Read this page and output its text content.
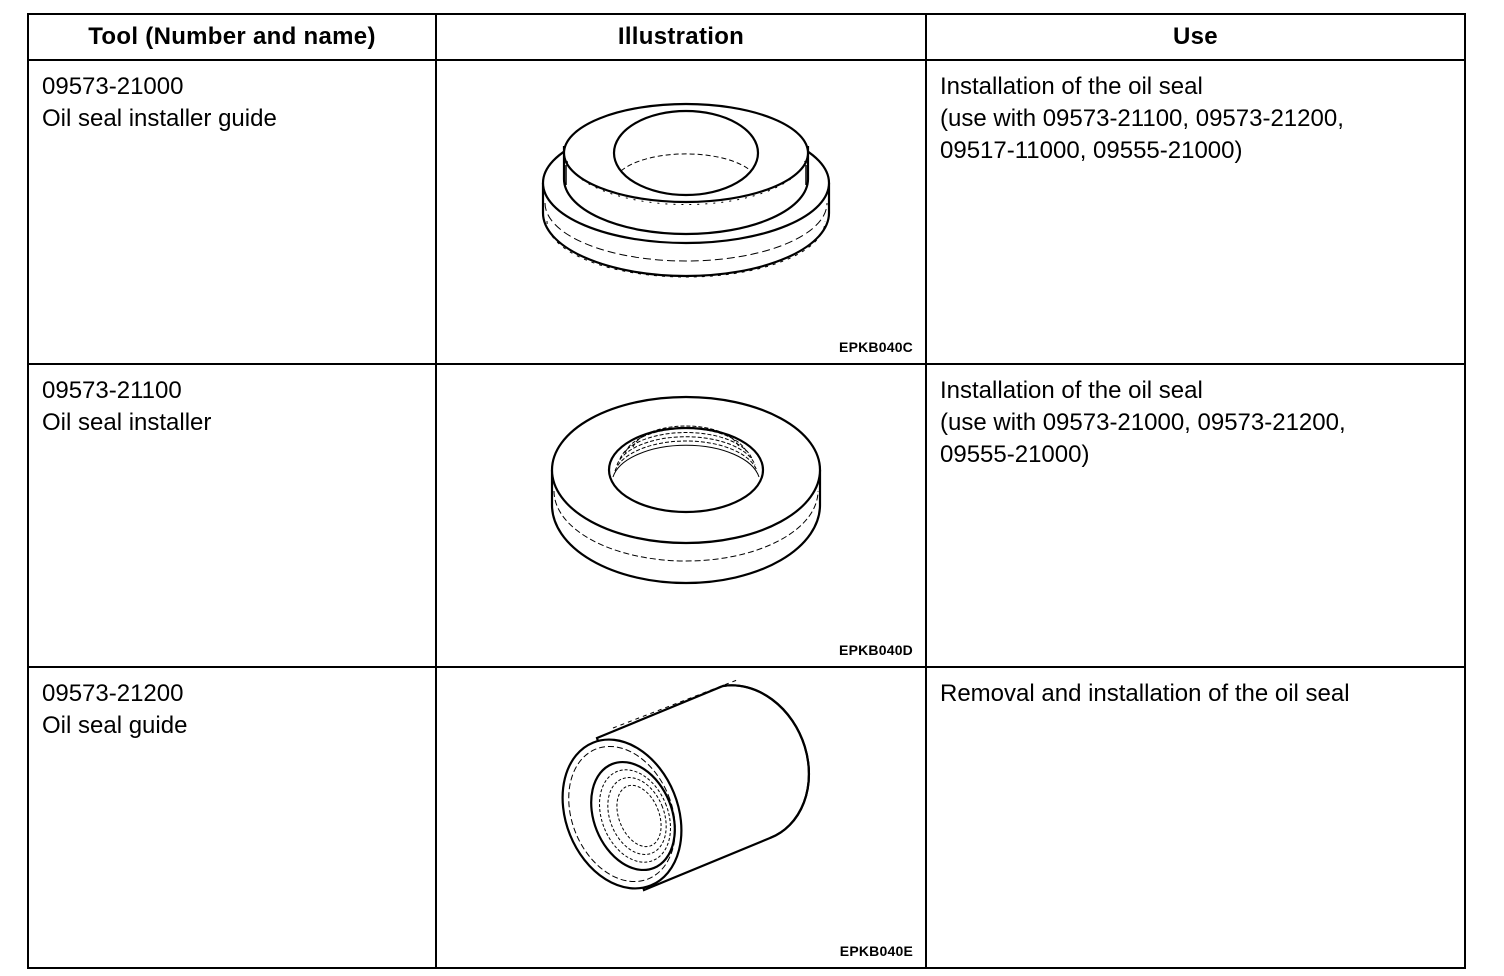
Tool (Number and name)	Illustration	Use

09573-21000
Oil seal installer guide	EPKB040C	Installation of the oil seal
(use with 09573-21100, 09573-21200,
09517-11000, 09555-21000)

09573-21100
Oil seal installer	EPKB040D	Installation of the oil seal
(use with 09573-21000, 09573-21200,
09555-21000)

09573-21200
Oil seal guide	EPKB040E	Removal and installation of the oil seal
